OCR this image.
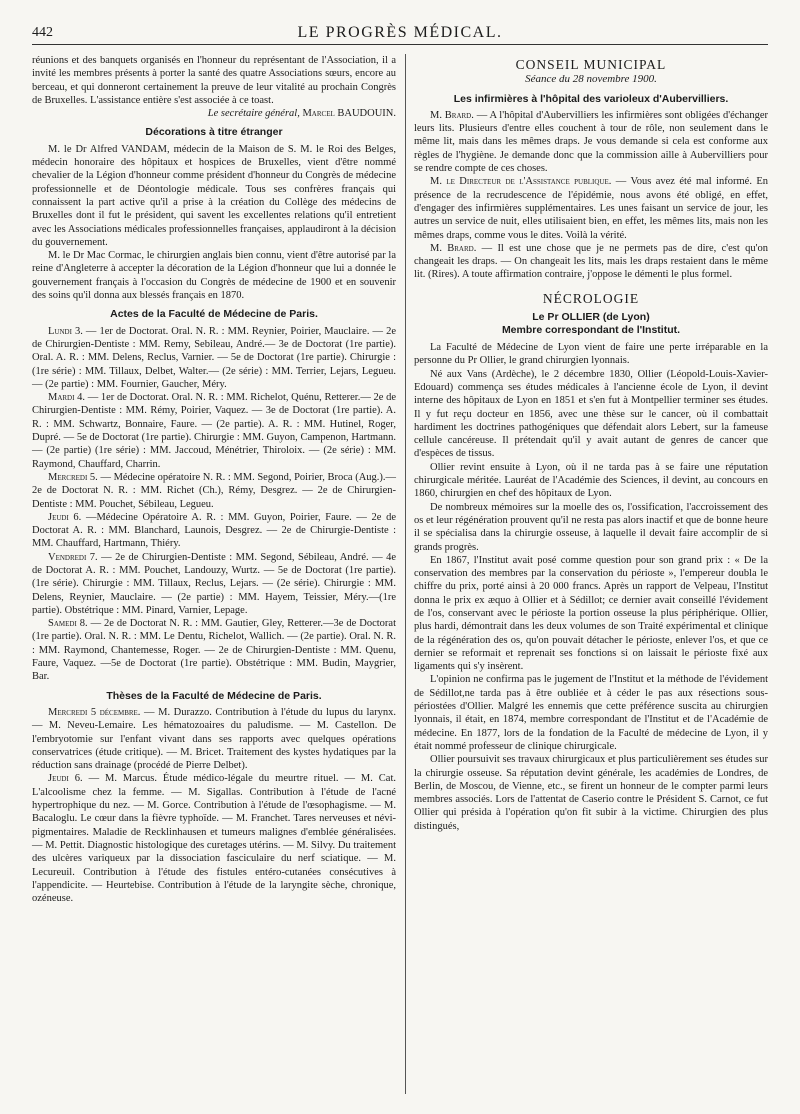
442	LE PROGRÈS MÉDICAL.

réunions et des banquets organisés en l'honneur du représentant de l'Association, il a invité les membres présents à porter la santé des quatre Associations sœurs, encore au berceau, et qui donneront certainement la preuve de leur vitalité au prochain Congrès de Bruxelles. L'assistance entière s'est associée à ce toast.

Le secrétaire général, Marcel BAUDOUIN.

Décorations à titre étranger

M. le Dr Alfred VANDAM, médecin de la Maison de S. M. le Roi des Belges, médecin honoraire des hôpitaux et hospices de Bruxelles, vient d'être nommé chevalier de la Légion d'honneur comme président d'honneur du Congrès de médecine professionnelle et de Déontologie médicale. Tous ses confrères français qui connaissent la part active qu'il a prise à la création du Collège des médecins de Bruxelles dont il fut le président, qui savent les excellentes relations qu'il entretient avec les Associations médicales professionnelles françaises, applaudiront à la décision du gouvernement.

M. le Dr Mac Cormac, le chirurgien anglais bien connu, vient d'être autorisé par la reine d'Angleterre à accepter la décoration de la Légion d'honneur que lui a donnée le gouvernement français à l'occasion du Congrès de médecine de 1900 et en souvenir des soins qu'il donna aux blessés français en 1870.

Actes de la Faculté de Médecine de Paris.

Lundi 3. — 1er de Doctorat. Oral. N. R. : MM. Reynier, Poirier, Mauclaire. — 2e de Chirurgien-Dentiste : MM. Remy, Sebileau, André.— 3e de Doctorat (1re partie). Oral. A. R. : MM. Delens, Reclus, Varnier. — 5e de Doctorat (1re partie). Chirurgie : (1re série) : MM. Tillaux, Delbet, Walter.— (2e série) : MM. Terrier, Lejars, Legueu. — (2e partie) : MM. Fournier, Gaucher, Méry.

Mardi 4. — 1er de Doctorat. Oral. N. R. : MM. Richelot, Quénu, Retterer.— 2e de Chirurgien-Dentiste : MM. Rémy, Poirier, Vaquez. — 3e de Doctorat (1re partie). A. R. : MM. Schwartz, Bonnaire, Faure. — (2e partie). A. R. : MM. Hutinel, Roger, Dupré. — 5e de Doctorat (1re partie). Chirurgie : MM. Guyon, Campenon, Hartmann. — (2e partie) (1re série) : MM. Jaccoud, Ménétrier, Thiroloix. — (2e série) : MM. Raymond, Chauffard, Charrin.

Mercredi 5. — Médecine opératoire N. R. : MM. Segond, Poirier, Broca (Aug.).—2e de Doctorat N. R. : MM. Richet (Ch.), Rémy, Desgrez. — 2e de Chirurgien-Dentiste : MM. Pouchet, Sébileau, Legueu.

Jeudi 6. —Médecine Opératoire A. R. : MM. Guyon, Poirier, Faure. — 2e de Doctorat A. R. : MM. Blanchard, Launois, Desgrez. — 2e de Chirurgie-Dentiste : MM. Chauffard, Hartmann, Thiéry.

Vendredi 7. — 2e de Chirurgien-Dentiste : MM. Segond, Sébileau, André. — 4e de Doctorat A. R. : MM. Pouchet, Landouzy, Wurtz. — 5e de Doctorat (1re partie). (1re série). Chirurgie : MM. Tillaux, Reclus, Lejars. — (2e série). Chirurgie : MM. Delens, Reynier, Mauclaire. — (2e partie) : MM. Hayem, Teissier, Méry.—(1re partie). Obstétrique : MM. Pinard, Varnier, Lepage.

Samedi 8. — 2e de Doctorat N. R. : MM. Gautier, Gley, Retterer.—3e de Doctorat (1re partie). Oral. N. R. : MM. Le Dentu, Richelot, Wallich. — (2e partie). Oral. N. R. : MM. Raymond, Chantemesse, Roger. — 2e de Chirurgien-Dentiste : MM. Quenu, Faure, Vaquez. —5e de Doctorat (1re partie). Obstétrique : MM. Budin, Maygrier, Bar.

Thèses de la Faculté de Médecine de Paris.

Mercredi 5 décembre. — M. Durazzo. Contribution à l'étude du lupus du larynx. — M. Neveu-Lemaire. Les hématozoaires du paludisme. — M. Castellon. De l'embryotomie sur l'enfant vivant dans ses rapports avec quelques opérations conservatrices (étude critique). — M. Bricet. Traitement des kystes hydatiques par la réduction sans drainage (procédé de Pierre Delbet).

Jeudi 6. — M. Marcus. Étude médico-légale du meurtre rituel. — M. Cat. L'alcoolisme chez la femme. — M. Sigallas. Contribution à l'étude de l'acné hypertrophique du nez. — M. Gorce. Contribution à l'étude de l'œsophagisme. — M. Bacaloglu. Le cœur dans la fièvre typhoïde. — M. Franchet. Tares nerveuses et névi-pigmentaires. Maladie de Recklinhausen et tumeurs malignes d'emblée généralisées. — M. Pettit. Diagnostic histologique des curetages utérins. — M. Silvy. Du traitement des ulcères variqueux par la dissociation fasciculaire du nerf sciatique. — M. Lecureuil. Contribution à l'étude des fistules entéro-cutanées consécutives à l'appendicite. — Heurtebise. Contribution à l'étude de la laryngite sèche, chronique, ozéneuse.

CONSEIL MUNICIPAL
Séance du 28 novembre 1900.
Les infirmières à l'hôpital des varioleux d'Aubervilliers.

M. Brard. — A l'hôpital d'Aubervilliers les infirmières sont obligées d'échanger leurs lits. Plusieurs d'entre elles couchent à tour de rôle, non seulement dans le même lit, mais dans les mêmes draps. Je vous demande si cela est conforme aux règles de l'hygiène. Je demande donc que la commission aille à Aubervilliers pour se rendre compte de ces choses.

M. le Directeur de l'Assistance publique. — Vous avez été mal informé. En présence de la recrudescence de l'épidémie, nous avons été obligé, en effet, d'engager des infirmières supplémentaires. Les unes faisant un service de jour, les autres un service de nuit, elles utilisaient bien, en effet, les mêmes lits, mais non les mêmes draps, comme vous le dites. Voilà la vérité.

M. Brard. — Il est une chose que je ne permets pas de dire, c'est qu'on changeait les draps. — On changeait les lits, mais les draps restaient dans le même lit. (Rires). A toute affirmation contraire, j'oppose le démenti le plus formel.

NÉCROLOGIE
Le Pr OLLIER (de Lyon)
Membre correspondant de l'Institut.

La Faculté de Médecine de Lyon vient de faire une perte irréparable en la personne du Pr Ollier, le grand chirurgien lyonnais.

Né aux Vans (Ardèche), le 2 décembre 1830, Ollier (Léopold-Louis-Xavier-Edouard) commença ses études médicales à l'ancienne école de Lyon, il devint interne des hôpitaux de Lyon en 1851 et s'en fut à Montpellier terminer ses études. Il y fut reçu docteur en 1856, avec une thèse sur le cancer, où il combattait hardiment les doctrines pathogéniques que défendait alors Lebert, sur la fameuse cellule cancéreuse. Il prétendait qu'il y avait autant de genres de cancer que d'espèces de tissus.

Ollier revint ensuite à Lyon, où il ne tarda pas à se faire une réputation chirurgicale méritée. Lauréat de l'Académie des Sciences, il devint, au concours en 1860, chirurgien en chef des hôpitaux de Lyon.

De nombreux mémoires sur la moelle des os, l'ossification, l'accroissement des os et leur régénération prouvent qu'il ne resta pas alors inactif et que de bonne heure il se spécialisa dans la chirurgie osseuse, à laquelle il devait faire accomplir de si grands progrès.

En 1867, l'Institut avait posé comme question pour son grand prix : « De la conservation des membres par la conservation du périoste », l'empereur doubla le chiffre du prix, porté ainsi à 20 000 francs. Après un rapport de Velpeau, l'Institut donna le prix ex æquo à Ollier et à Sédillot; ce dernier avait conseillé l'évidement de l'os, conservant avec le périoste la portion osseuse la plus périphérique. Ollier, plus hardi, démontrait dans les deux volumes de son Traité expérimental et clinique de la régénération des os, qu'on pouvait détacher le périoste, enlever l'os, et que ce dernier se reformait et reprenait ses fonctions si on laissait le périoste fixé aux ligaments qui s'y insèrent.

L'opinion ne confirma pas le jugement de l'Institut et la méthode de l'évidement de Sédillot,ne tarda pas à être oubliée et à céder le pas aux résections sous-périostées d'Ollier. Malgré les ennemis que cette préférence suscita au chirurgien lyonnais, il était, en 1874, membre correspondant de l'Institut et de l'Académie de médecine. En 1877, lors de la fondation de la Faculté de médecine de Lyon, il y était nommé professeur de clinique chirurgicale.

Ollier poursuivit ses travaux chirurgicaux et plus particulièrement ses études sur la chirurgie osseuse. Sa réputation devint générale, les académies de Londres, de Berlin, de Moscou, de Vienne, etc., se firent un honneur de le compter parmi leurs membres associés. Lors de l'attentat de Caserio contre le Président S. Carnot, ce fut Ollier qui présida à l'opération qu'on fit subir à la victime. Chirurgien des plus distingués,
